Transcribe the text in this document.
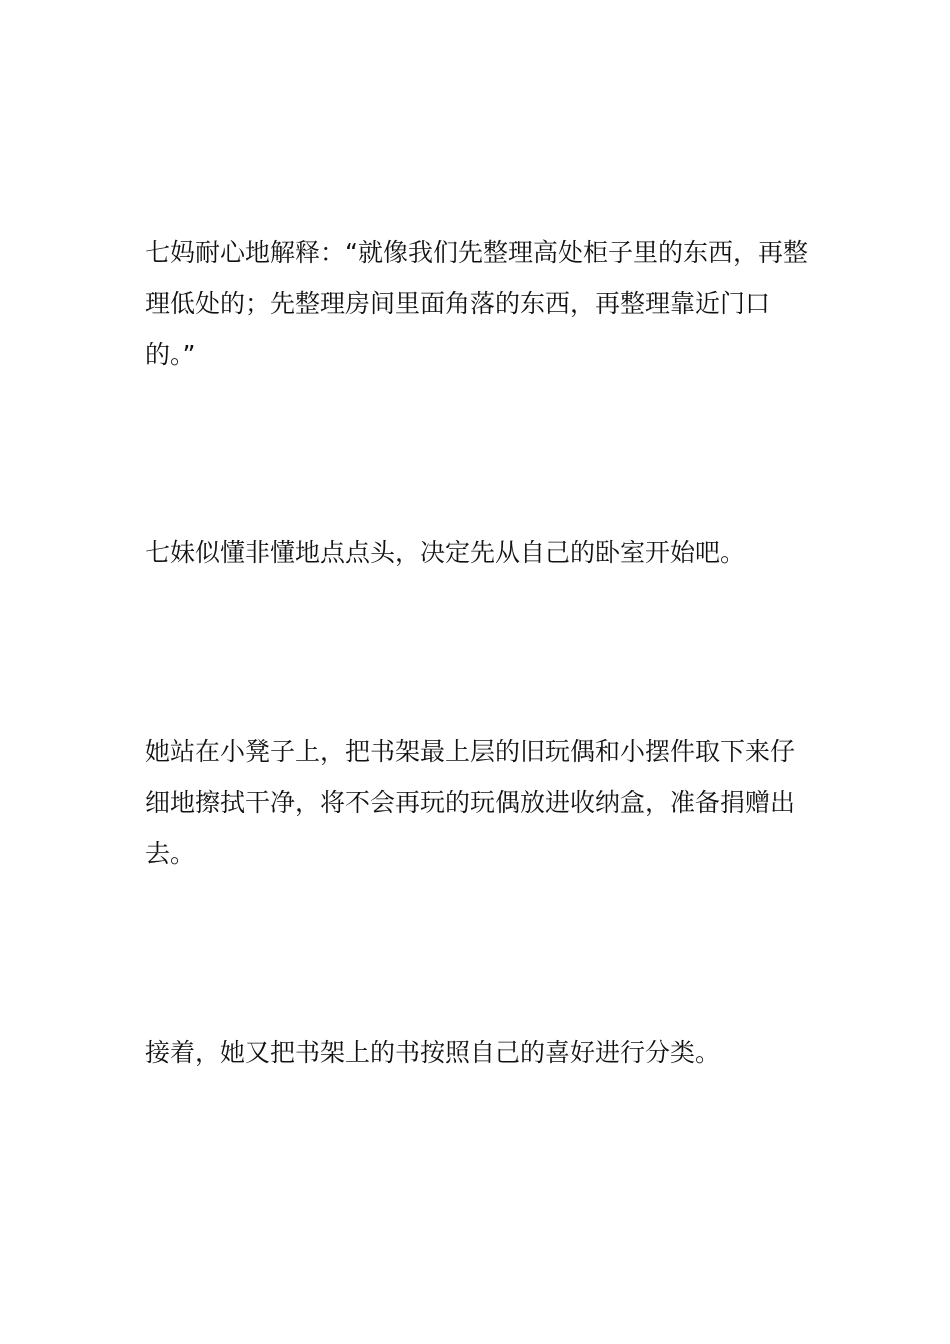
七妈耐心地解释：“就像我们先整理高处柜子里的东西，再整理低处的；先整理房间里面角落的东西，再整理靠近门口的。”

七妹似懂非懂地点点头，决定先从自己的卧室开始吧。

她站在小凳子上，把书架最上层的旧玩偶和小摆件取下来仔细地擦拭干净，将不会再玩的玩偶放进收纳盒，准备捐赠出去。

接着，她又把书架上的书按照自己的喜好进行分类。
